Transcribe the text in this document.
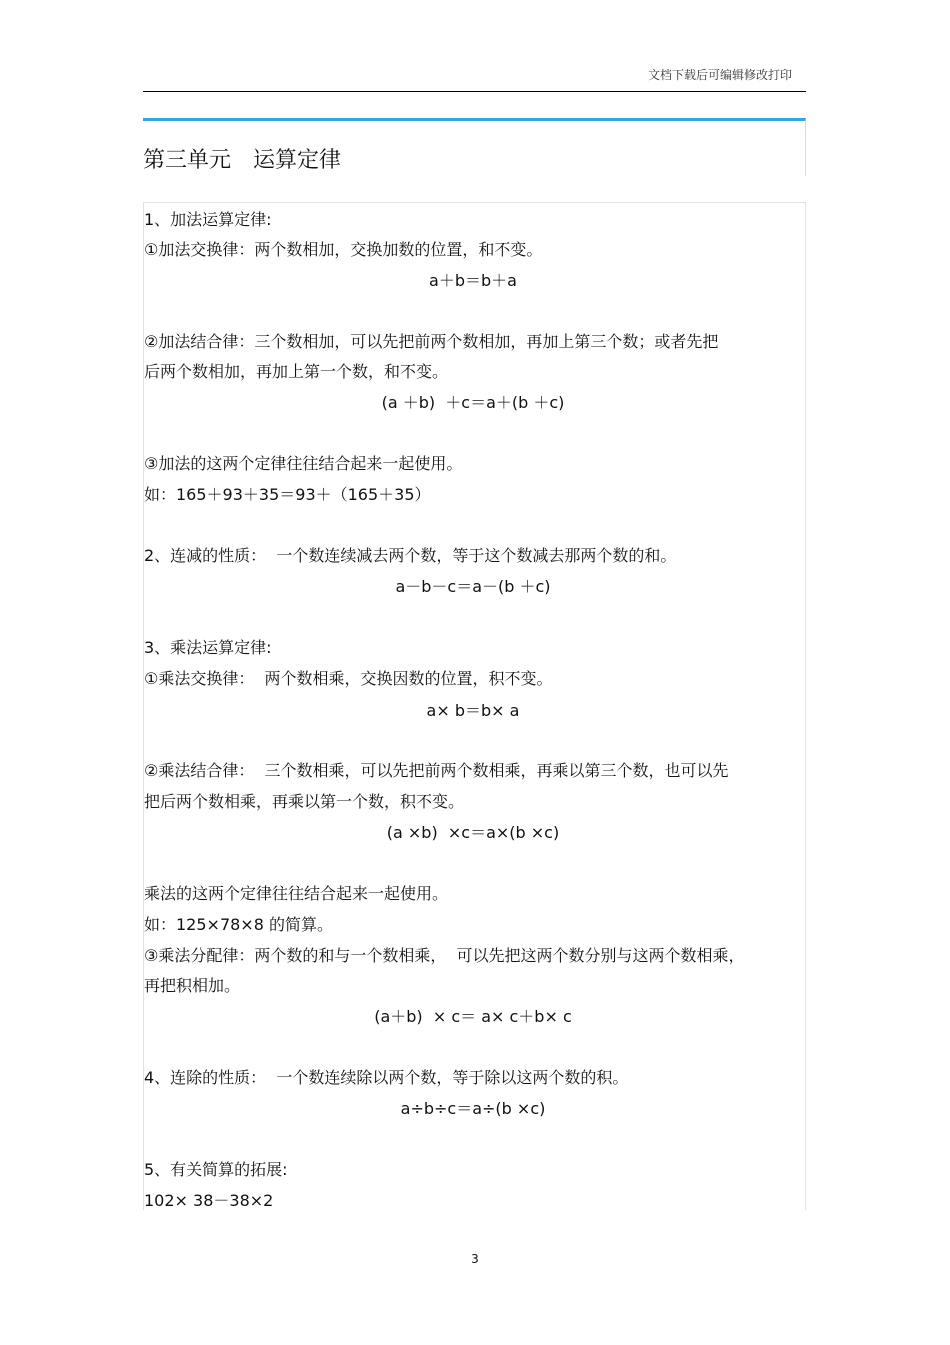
文档下载后可编辑修改打印
第三单元　运算定律

1、加法运算定律:

①加法交换律：两个数相加，交换加数的位置，和不变。

a＋b＝b＋a

②加法结合律：三个数相加，可以先把前两个数相加，再加上第三个数；或者先把

后两个数相加，再加上第一个数，和不变。

(a ＋b)  ＋c＝a＋(b ＋c)

③加法的这两个定律往往结合起来一起使用。

如：165＋93＋35＝93＋（165＋35）

2、连减的性质：  一个数连续减去两个数，等于这个数减去那两个数的和。

a－b－c＝a－(b ＋c)

3、乘法运算定律:

①乘法交换律：  两个数相乘，交换因数的位置，积不变。

a× b＝b× a

②乘法结合律：  三个数相乘，可以先把前两个数相乘，再乘以第三个数，也可以先

把后两个数相乘，再乘以第一个数，积不变。

(a ×b)  ×c＝a×(b ×c)

乘法的这两个定律往往结合起来一起使用。

如：125×78×8 的简算。

③乘法分配律：两个数的和与一个数相乘，  可以先把这两个数分别与这两个数相乘，

再把积相加。

(a＋b)  × c＝ a× c＋b× c

4、连除的性质：  一个数连续除以两个数，等于除以这两个数的积。

a÷b÷c＝a÷(b ×c)

5、有关简算的拓展:

102× 38－38×2

3
